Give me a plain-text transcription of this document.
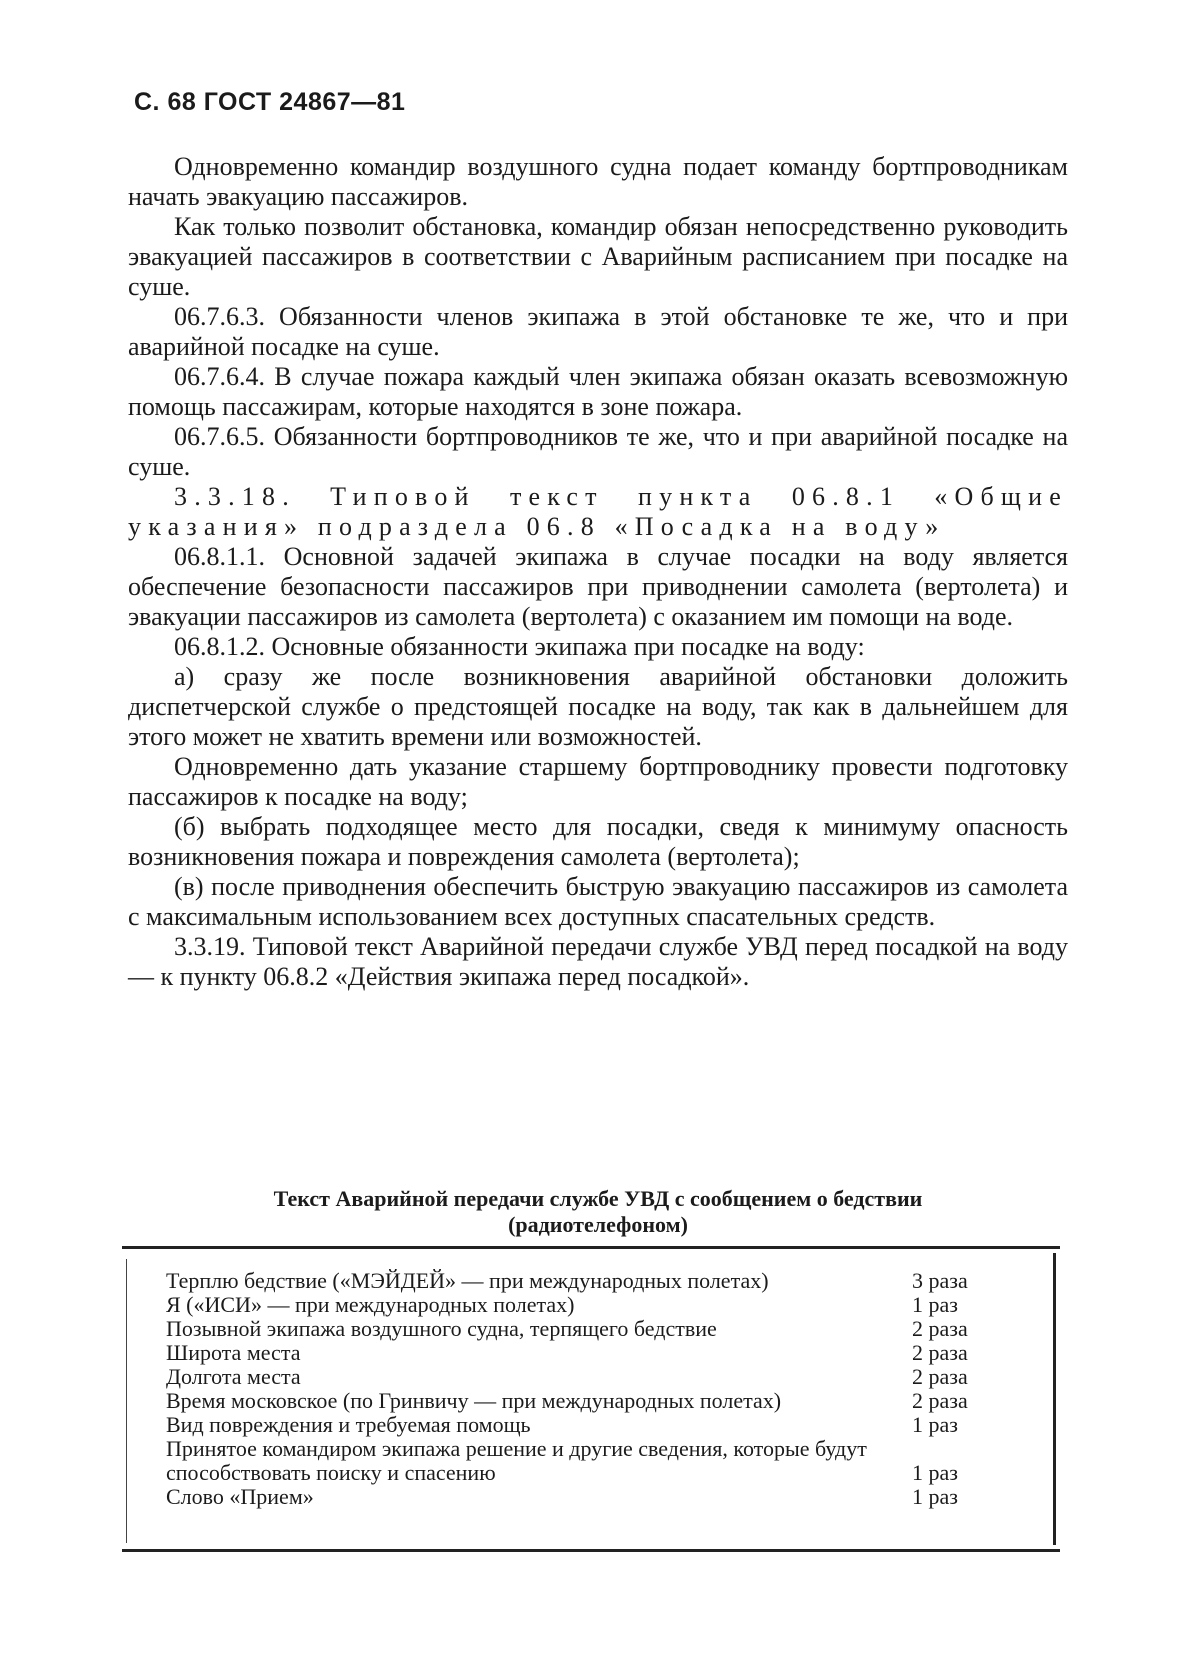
С. 68 ГОСТ 24867—81

Одновременно командир воздушного судна подает команду бортпроводникам начать эвакуацию пассажиров.

Как только позволит обстановка, командир обязан непосредственно руководить эвакуацией пассажиров в соответствии с Аварийным расписанием при посадке на суше.

06.7.6.3. Обязанности членов экипажа в этой обстановке те же, что и при аварийной посадке на суше.

06.7.6.4. В случае пожара каждый член экипажа обязан оказать всевозможную помощь пассажирам, которые находятся в зоне пожара.

06.7.6.5. Обязанности бортпроводников те же, что и при аварийной посадке на суше.

3.3.18. Типовой текст пункта 06.8.1 «Общие указания» подраздела 06.8 «Посадка на воду»

06.8.1.1. Основной задачей экипажа в случае посадки на воду является обеспечение безопасности пассажиров при приводнении самолета (вертолета) и эвакуации пассажиров из самолета (вертолета) с оказанием им помощи на воде.

06.8.1.2. Основные обязанности экипажа при посадке на воду:

а) сразу же после возникновения аварийной обстановки доложить диспетчерской службе о предстоящей посадке на воду, так как в дальнейшем для этого может не хватить времени или возможностей.

Одновременно дать указание старшему бортпроводнику провести подготовку пассажиров к посадке на воду;

(б) выбрать подходящее место для посадки, сведя к минимуму опасность возникновения пожара и повреждения самолета (вертолета);

(в) после приводнения обеспечить быструю эвакуацию пассажиров из самолета с максимальным использованием всех доступных спасательных средств.

3.3.19. Типовой текст Аварийной передачи службе УВД перед посадкой на воду — к пункту 06.8.2 «Действия экипажа перед посадкой».

Текст Аварийной передачи службе УВД с сообщением о бедствии
(радиотелефоном)
Терплю бедствие («МЭЙДЕЙ» — при международных полетах)	3 раза
Я («ИСИ» — при международных полетах)	1 раз
Позывной экипажа воздушного судна, терпящего бедствие	2 раза
Широта места	2 раза
Долгота места	2 раза
Время московское (по Гринвичу — при международных полетах)	2 раза
Вид повреждения и требуемая помощь	1 раз
Принятое командиром экипажа решение и другие сведения, которые будут способствовать поиску и спасению	1 раз
Слово «Прием»	1 раз
